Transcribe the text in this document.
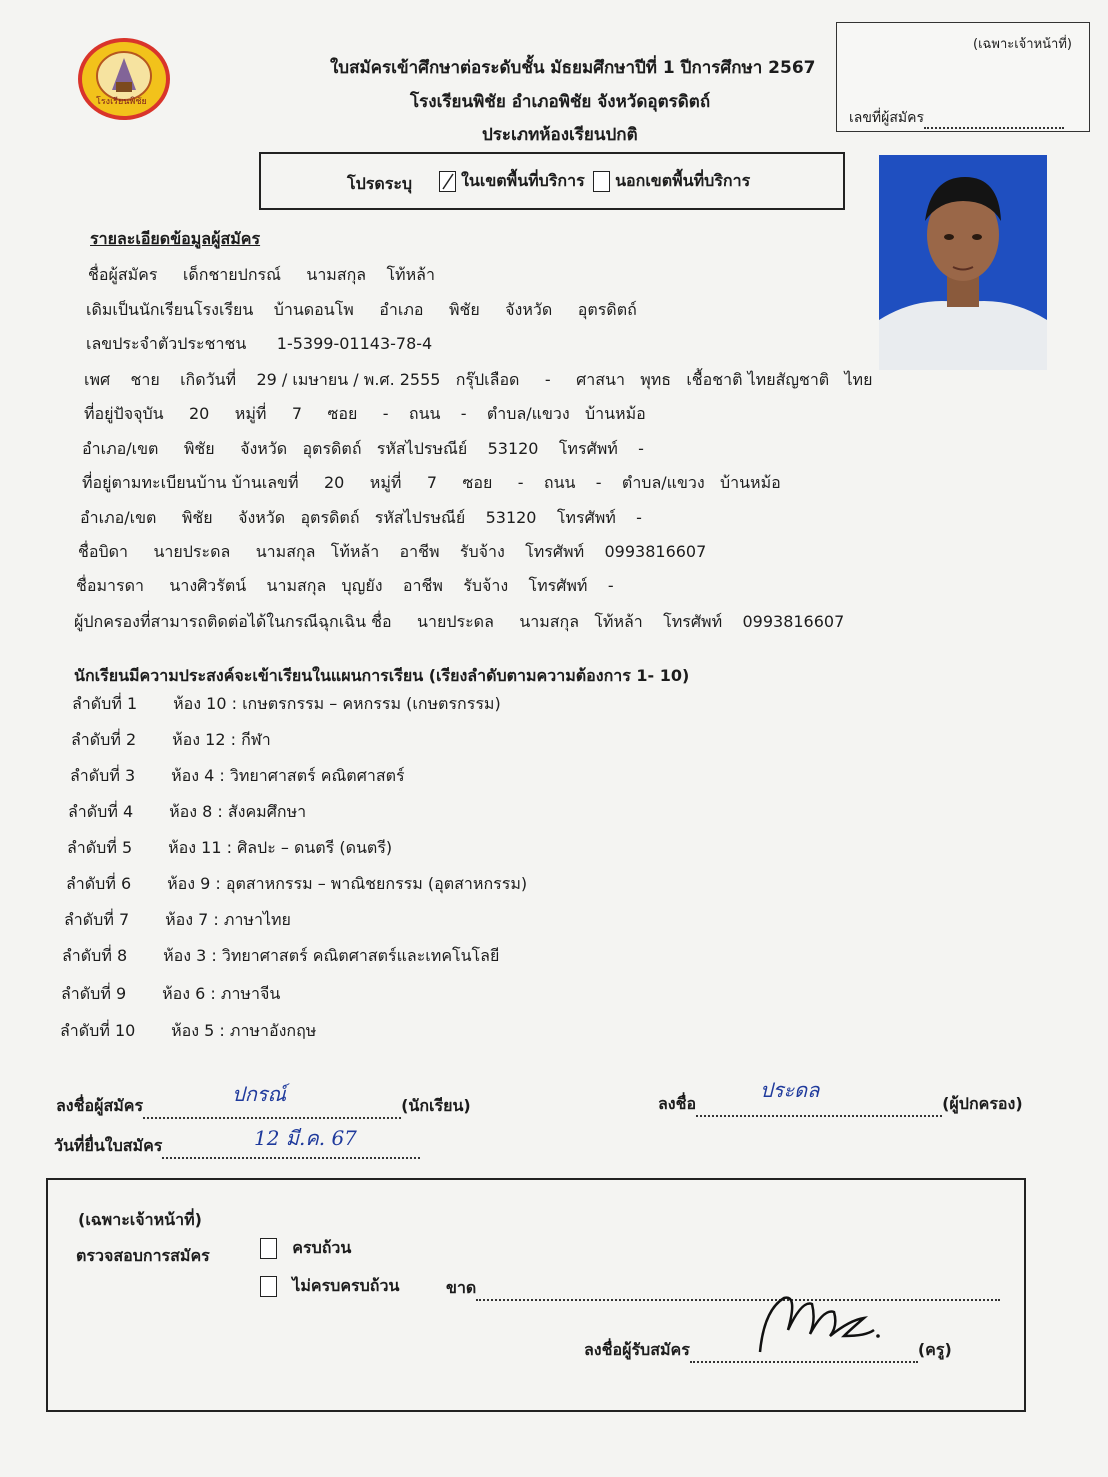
โรงเรียนพิชัย
ใบสมัครเข้าศึกษาต่อระดับชั้น มัธยมศึกษาปีที่ 1 ปีการศึกษา 2567
โรงเรียนพิชัย อำเภอพิชัย จังหวัดอุตรดิตถ์
ประเภทห้องเรียนปกติ
(เฉพาะเจ้าหน้าที่)
เลขที่ผู้สมัคร
โปรดระบุ	ในเขตพื้นที่บริการ	นอกเขตพื้นที่บริการ
รายละเอียดข้อมูลผู้สมัคร
ชื่อผู้สมัคร เด็กชายปกรณ์ นามสกุล โท้หล้า
เดิมเป็นนักเรียนโรงเรียน บ้านดอนโพ อำเภอ พิชัย จังหวัด อุตรดิตถ์
เลขประจำตัวประชาชน 1-5399-01143-78-4
เพศ ชาย เกิดวันที่ 29 / เมษายน / พ.ศ. 2555 กรุ๊ปเลือด - ศาสนา พุทธ เชื้อชาติ ไทยสัญชาติ ไทย
ที่อยู่ปัจจุบัน 20 หมู่ที่ 7 ซอย - ถนน - ตำบล/แขวง บ้านหม้อ
อำเภอ/เขต พิชัย จังหวัด อุตรดิตถ์ รหัสไปรษณีย์ 53120 โทรศัพท์ -
ที่อยู่ตามทะเบียนบ้าน บ้านเลขที่ 20 หมู่ที่ 7 ซอย - ถนน - ตำบล/แขวง บ้านหม้อ
อำเภอ/เขต พิชัย จังหวัด อุตรดิตถ์ รหัสไปรษณีย์ 53120 โทรศัพท์ -
ชื่อบิดา นายประดล นามสกุล โท้หล้า อาชีพ รับจ้าง โทรศัพท์ 0993816607
ชื่อมารดา นางศิวรัตน์ นามสกุล บุญยัง อาชีพ รับจ้าง โทรศัพท์ -
ผู้ปกครองที่สามารถติดต่อได้ในกรณีฉุกเฉิน ชื่อ นายประดล นามสกุล โท้หล้า โทรศัพท์ 0993816607
นักเรียนมีความประสงค์จะเข้าเรียนในแผนการเรียน (เรียงลำดับตามความต้องการ 1- 10)
ลำดับที่ 1 ห้อง 10 : เกษตรกรรม – คหกรรม (เกษตรกรรม)
ลำดับที่ 2 ห้อง 12 : กีฬา
ลำดับที่ 3 ห้อง 4 : วิทยาศาสตร์ คณิตศาสตร์
ลำดับที่ 4 ห้อง 8 : สังคมศึกษา
ลำดับที่ 5 ห้อง 11 : ศิลปะ – ดนตรี (ดนตรี)
ลำดับที่ 6 ห้อง 9 : อุตสาหกรรม – พาณิชยกรรม (อุตสาหกรรม)
ลำดับที่ 7 ห้อง 7 : ภาษาไทย
ลำดับที่ 8 ห้อง 3 : วิทยาศาสตร์ คณิตศาสตร์และเทคโนโลยี
ลำดับที่ 9 ห้อง 6 : ภาษาจีน
ลำดับที่ 10 ห้อง 5 : ภาษาอังกฤษ
ลงชื่อผู้สมัคร	(นักเรียน)
ปกรณ์	ลงชื่อ	(ผู้ปกครอง)
ประดล
วันที่ยื่นใบสมัคร	12 มี.ค. 67
(เฉพาะเจ้าหน้าที่)
ตรวจสอบการสมัคร	ครบถ้วน
ไม่ครบครบถ้วน	ขาด
ลงชื่อผู้รับสมัคร	(ครู)
